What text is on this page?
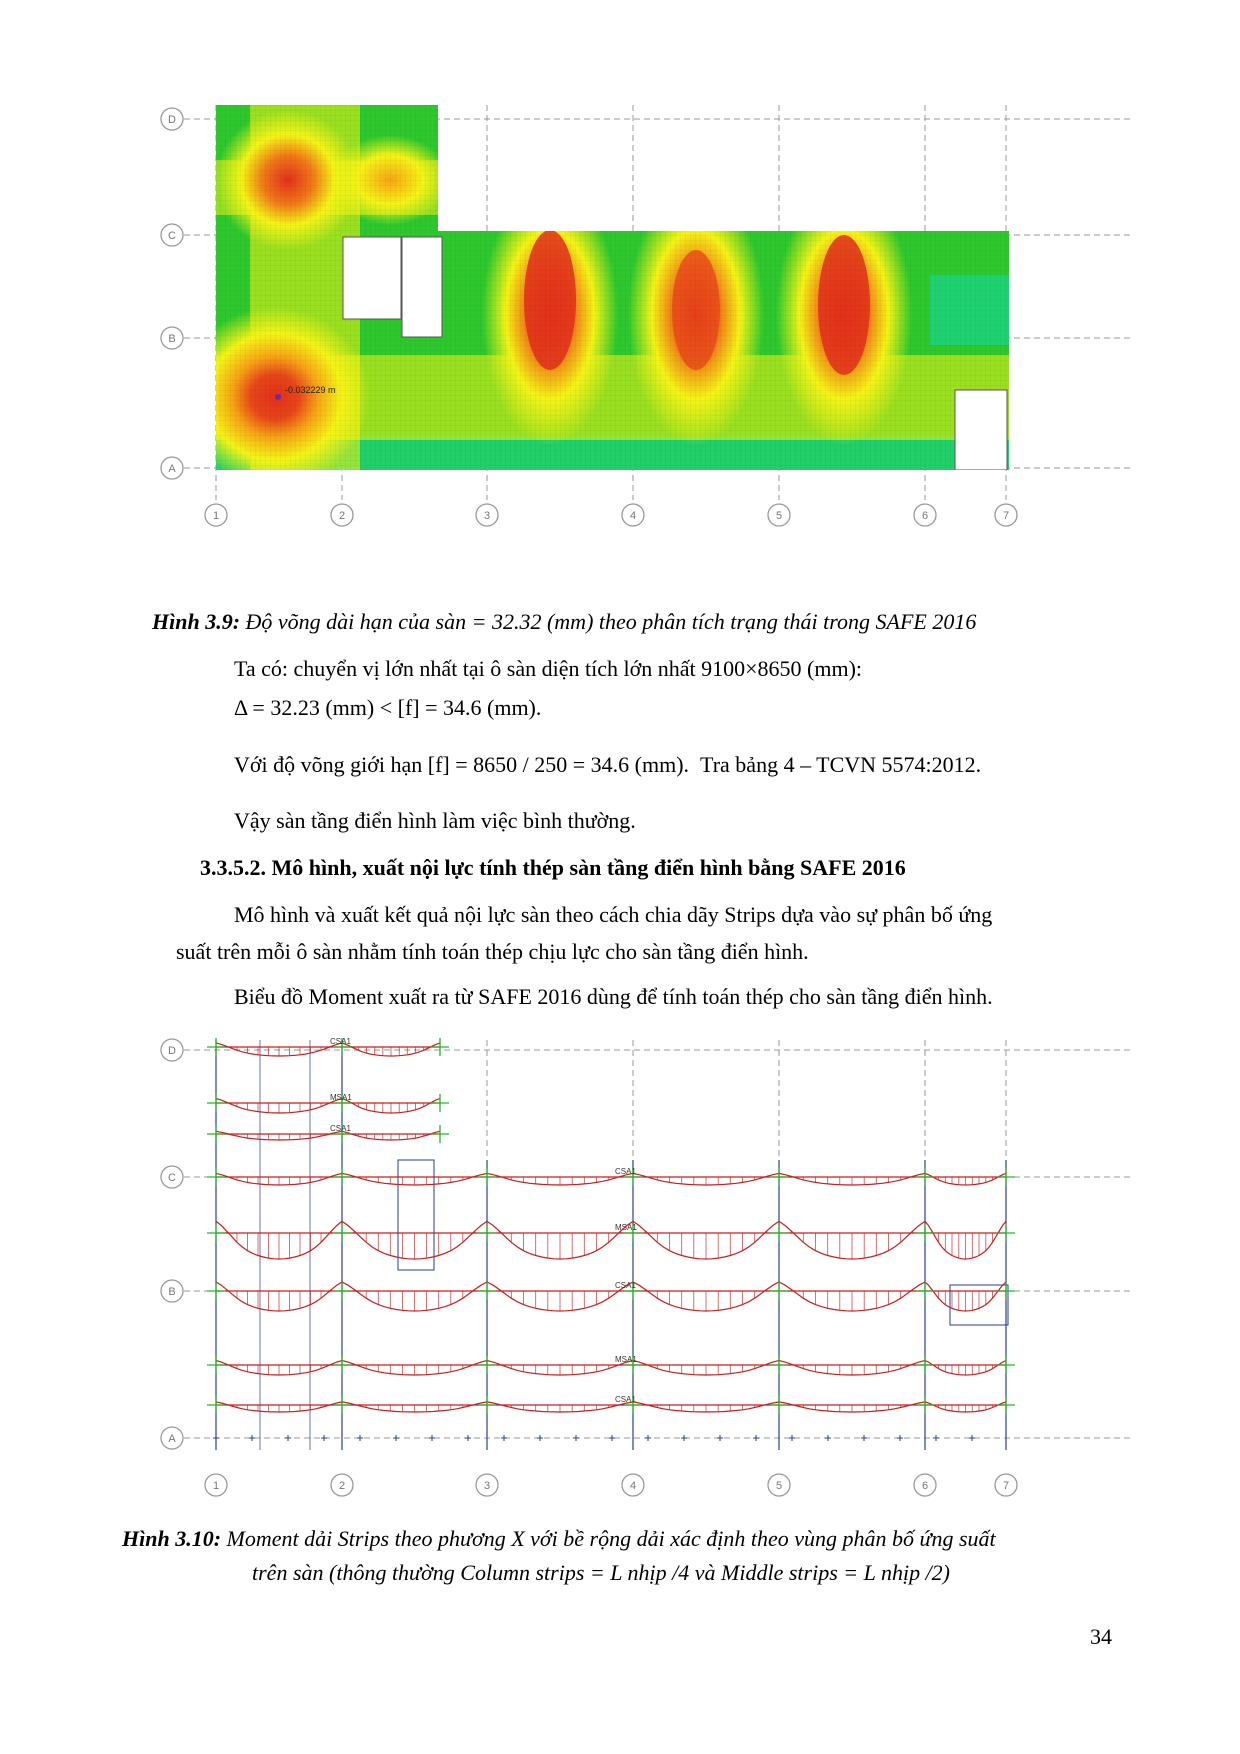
-0.032229 m
D
C
B
A
1	2	3	4	5	6	7
Hình 3.9: Độ võng dài hạn của sàn = 32.32 (mm) theo phân tích trạng thái trong SAFE 2016
Ta có: chuyển vị lớn nhất tại ô sàn diện tích lớn nhất 9100×8650 (mm):
Δ = 32.23 (mm) < [f] = 34.6 (mm).
Với độ võng giới hạn [f] = 8650 / 250 = 34.6 (mm). Tra bảng 4 – TCVN 5574:2012.
Vậy sàn tầng điển hình làm việc bình thường.
3.3.5.2. Mô hình, xuất nội lực tính thép sàn tầng điển hình bằng SAFE 2016
Mô hình và xuất kết quả nội lực sàn theo cách chia dãy Strips dựa vào sự phân bố ứng
suất trên mỗi ô sàn nhằm tính toán thép chịu lực cho sàn tầng điển hình.
Biểu đồ Moment xuất ra từ SAFE 2016 dùng để tính toán thép cho sàn tầng điển hình.
CSA1
MSA1
CSA1
CSA1
MSA1
CSA1
MSA1
CSA1
D
C
B
A
1	2	3	4	5	6	7
Hình 3.10: Moment dải Strips theo phương X với bề rộng dải xác định theo vùng phân bố ứng suất
trên sàn (thông thường Column strips = L nhịp /4 và Middle strips = L nhịp /2)
34
